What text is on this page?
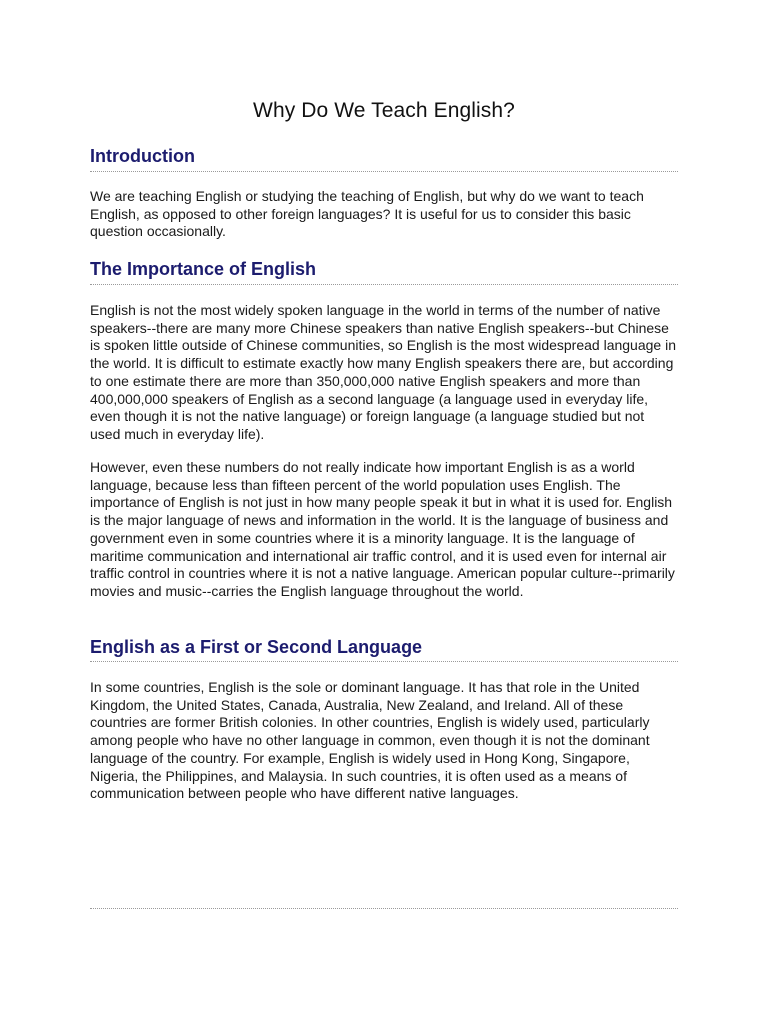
Why Do We Teach English?
Introduction

We are teaching English or studying the teaching of English, but why do we want to teach English, as opposed to other foreign languages? It is useful for us to consider this basic question occasionally.

The Importance of English

English is not the most widely spoken language in the world in terms of the number of native speakers--there are many more Chinese speakers than native English speakers--but Chinese is spoken little outside of Chinese communities, so English is the most widespread language in the world. It is difficult to estimate exactly how many English speakers there are, but according to one estimate there are more than 350,000,000 native English speakers and more than 400,000,000 speakers of English as a second language (a language used in everyday life, even though it is not the native language) or foreign language (a language studied but not used much in everyday life).

However, even these numbers do not really indicate how important English is as a world language, because less than fifteen percent of the world population uses English. The importance of English is not just in how many people speak it but in what it is used for. English is the major language of news and information in the world. It is the language of business and government even in some countries where it is a minority language. It is the language of maritime communication and international air traffic control, and it is used even for internal air traffic control in countries where it is not a native language. American popular culture--primarily movies and music--carries the English language throughout the world.

English as a First or Second Language

In some countries, English is the sole or dominant language. It has that role in the United Kingdom, the United States, Canada, Australia, New Zealand, and Ireland. All of these countries are former British colonies. In other countries, English is widely used, particularly among people who have no other language in common, even though it is not the dominant language of the country. For example, English is widely used in Hong Kong, Singapore, Nigeria, the Philippines, and Malaysia. In such countries, it is often used as a means of communication between people who have different native languages.
